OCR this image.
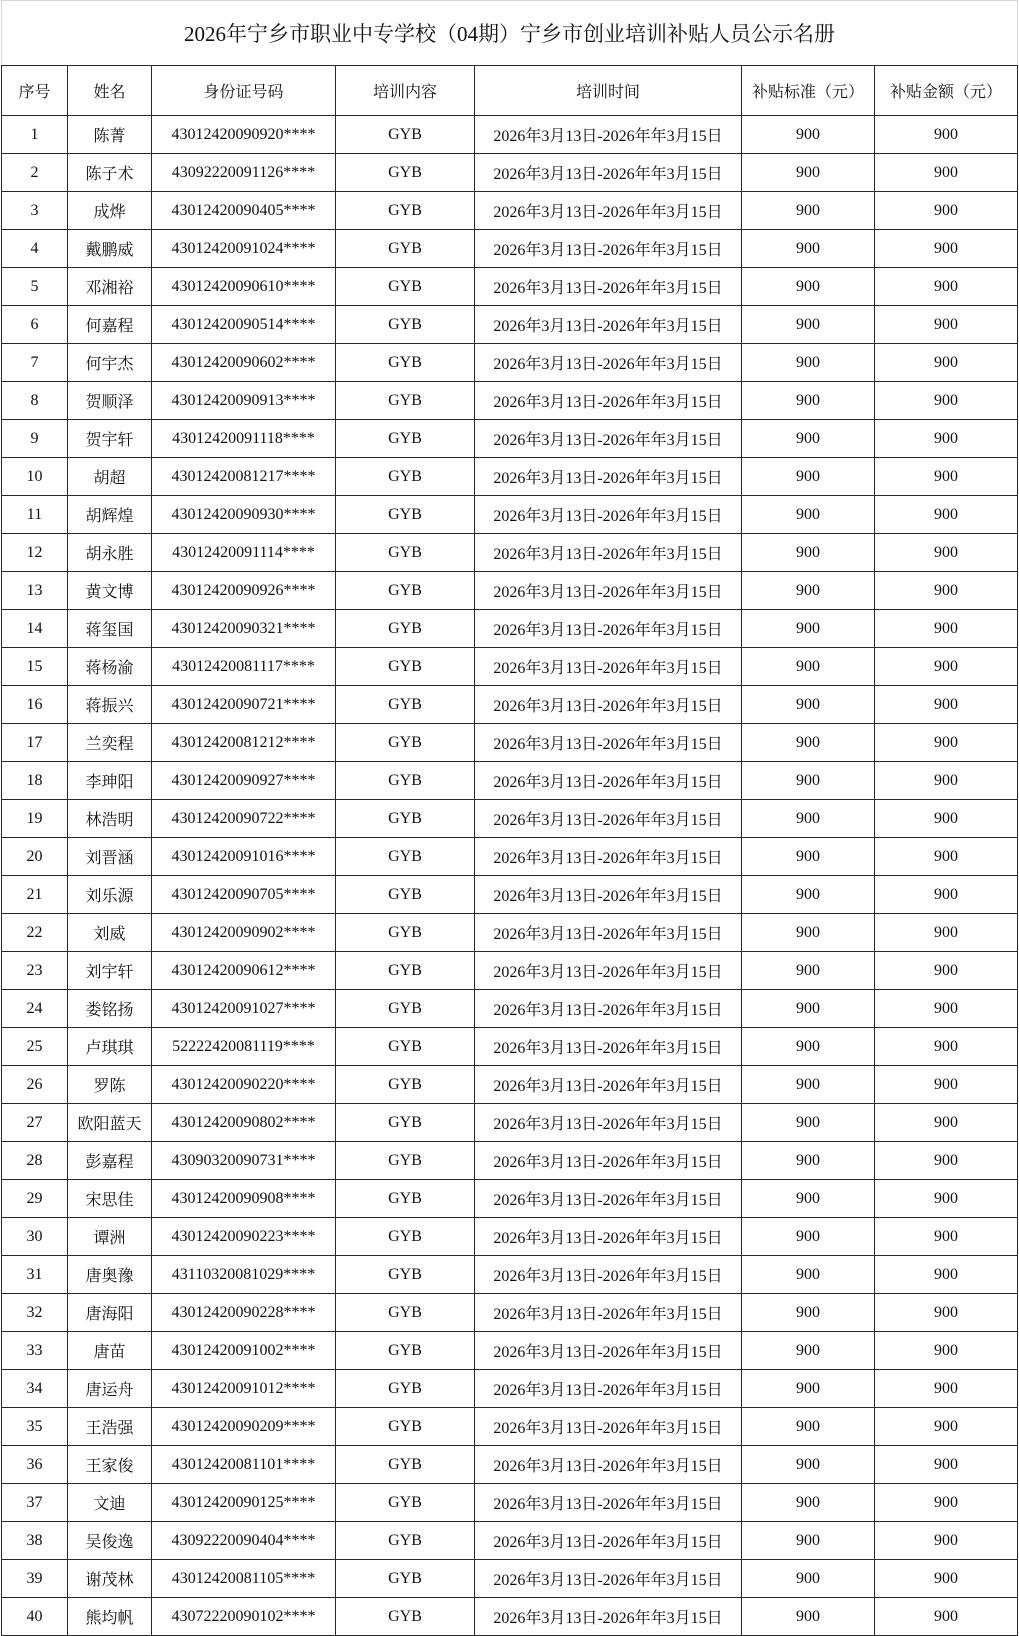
2026年宁乡市职业中专学校（04期）宁乡市创业培训补贴人员公示名册						
序号	姓名	身份证号码	培训内容	培训时间	补贴标准（元）	补贴金额（元）
1	陈菁	43012420090920****	GYB	2026年3月13日-2026年年3月15日	900	900
2	陈子术	43092220091126****	GYB	2026年3月13日-2026年年3月15日	900	900
3	成烨	43012420090405****	GYB	2026年3月13日-2026年年3月15日	900	900
4	戴鹏威	43012420091024****	GYB	2026年3月13日-2026年年3月15日	900	900
5	邓湘裕	43012420090610****	GYB	2026年3月13日-2026年年3月15日	900	900
6	何嘉程	43012420090514****	GYB	2026年3月13日-2026年年3月15日	900	900
7	何宇杰	43012420090602****	GYB	2026年3月13日-2026年年3月15日	900	900
8	贺顺泽	43012420090913****	GYB	2026年3月13日-2026年年3月15日	900	900
9	贺宇轩	43012420091118****	GYB	2026年3月13日-2026年年3月15日	900	900
10	胡超	43012420081217****	GYB	2026年3月13日-2026年年3月15日	900	900
11	胡辉煌	43012420090930****	GYB	2026年3月13日-2026年年3月15日	900	900
12	胡永胜	43012420091114****	GYB	2026年3月13日-2026年年3月15日	900	900
13	黄文博	43012420090926****	GYB	2026年3月13日-2026年年3月15日	900	900
14	蒋玺国	43012420090321****	GYB	2026年3月13日-2026年年3月15日	900	900
15	蒋杨渝	43012420081117****	GYB	2026年3月13日-2026年年3月15日	900	900
16	蒋振兴	43012420090721****	GYB	2026年3月13日-2026年年3月15日	900	900
17	兰奕程	43012420081212****	GYB	2026年3月13日-2026年年3月15日	900	900
18	李珅阳	43012420090927****	GYB	2026年3月13日-2026年年3月15日	900	900
19	林浩明	43012420090722****	GYB	2026年3月13日-2026年年3月15日	900	900
20	刘晋涵	43012420091016****	GYB	2026年3月13日-2026年年3月15日	900	900
21	刘乐源	43012420090705****	GYB	2026年3月13日-2026年年3月15日	900	900
22	刘威	43012420090902****	GYB	2026年3月13日-2026年年3月15日	900	900
23	刘宇轩	43012420090612****	GYB	2026年3月13日-2026年年3月15日	900	900
24	娄铭扬	43012420091027****	GYB	2026年3月13日-2026年年3月15日	900	900
25	卢琪琪	52222420081119****	GYB	2026年3月13日-2026年年3月15日	900	900
26	罗陈	43012420090220****	GYB	2026年3月13日-2026年年3月15日	900	900
27	欧阳蓝天	43012420090802****	GYB	2026年3月13日-2026年年3月15日	900	900
28	彭嘉程	43090320090731****	GYB	2026年3月13日-2026年年3月15日	900	900
29	宋思佳	43012420090908****	GYB	2026年3月13日-2026年年3月15日	900	900
30	谭洲	43012420090223****	GYB	2026年3月13日-2026年年3月15日	900	900
31	唐奥豫	43110320081029****	GYB	2026年3月13日-2026年年3月15日	900	900
32	唐海阳	43012420090228****	GYB	2026年3月13日-2026年年3月15日	900	900
33	唐苗	43012420091002****	GYB	2026年3月13日-2026年年3月15日	900	900
34	唐运舟	43012420091012****	GYB	2026年3月13日-2026年年3月15日	900	900
35	王浩强	43012420090209****	GYB	2026年3月13日-2026年年3月15日	900	900
36	王家俊	43012420081101****	GYB	2026年3月13日-2026年年3月15日	900	900
37	文迪	43012420090125****	GYB	2026年3月13日-2026年年3月15日	900	900
38	吴俊逸	43092220090404****	GYB	2026年3月13日-2026年年3月15日	900	900
39	谢茂林	43012420081105****	GYB	2026年3月13日-2026年年3月15日	900	900
40	熊均帆	43072220090102****	GYB	2026年3月13日-2026年年3月15日	900	900
